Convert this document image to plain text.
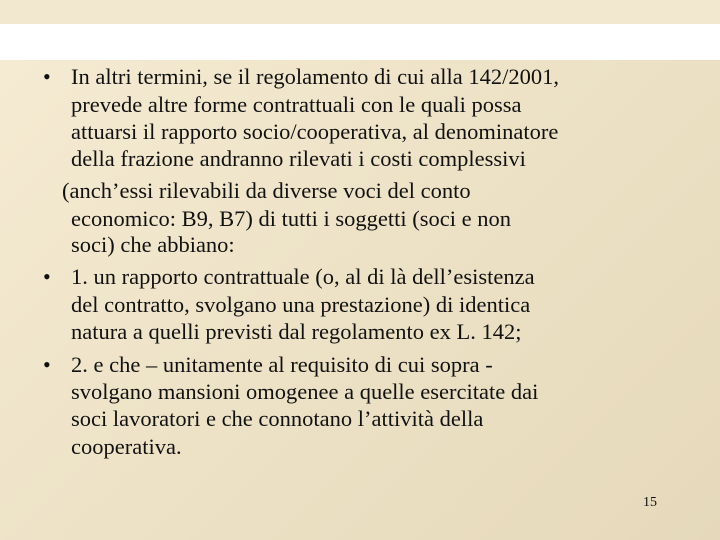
• In altri termini, se il regolamento di cui alla 142/2001,
prevede altre forme contrattuali con le quali possa
attuarsi il rapporto socio/cooperativa, al denominatore
della frazione andranno rilevati i costi complessivi
(anch’essi rilevabili da diverse voci del conto
economico: B9, B7) di tutti i soggetti (soci e non
soci) che abbiano:
• 1. un rapporto contrattuale (o, al di là dell’esistenza
del contratto, svolgano una prestazione) di identica
natura a quelli previsti dal regolamento ex L. 142;
• 2. e che – unitamente al requisito di cui sopra -
svolgano mansioni omogenee a quelle esercitate dai
soci lavoratori e che connotano l’attività della
cooperativa.
15
